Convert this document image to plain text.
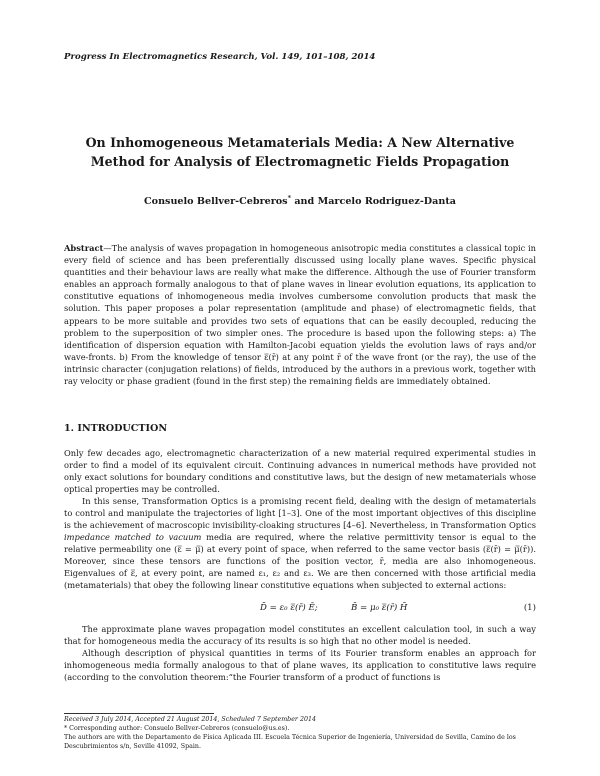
Progress In Electromagnetics Research, Vol. 149, 101–108, 2014
On Inhomogeneous Metamaterials Media: A New Alternative
Method for Analysis of Electromagnetic Fields Propagation
Consuelo Bellver-Cebreros* and Marcelo Rodriguez-Danta
Abstract—The analysis of waves propagation in homogeneous anisotropic media constitutes a classical topic in every field of science and has been preferentially discussed using locally plane waves. Specific physical quantities and their behaviour laws are really what make the difference. Although the use of Fourier transform enables an approach formally analogous to that of plane waves in linear evolution equations, its application to constitutive equations of inhomogeneous media involves cumbersome convolution products that mask the solution. This paper proposes a polar representation (amplitude and phase) of electromagnetic fields, that appears to be more suitable and provides two sets of equations that can be easily decoupled, reducing the problem to the superposition of two simpler ones. The procedure is based upon the following steps: a) The identification of dispersion equation with Hamilton-Jacobi equation yields the evolution laws of rays and/or wave-fronts. b) From the knowledge of tensor ε̿(r̄) at any point r̄ of the wave front (or the ray), the use of the intrinsic character (conjugation relations) of fields, introduced by the authors in a previous work, together with ray velocity or phase gradient (found in the first step) the remaining fields are immediately obtained.
1. INTRODUCTION

Only few decades ago, electromagnetic characterization of a new material required experimental studies in order to find a model of its equivalent circuit. Continuing advances in numerical methods have provided not only exact solutions for boundary conditions and constitutive laws, but the design of new metamaterials whose optical properties may be controlled.

In this sense, Transformation Optics is a promising recent field, dealing with the design of metamaterials to control and manipulate the trajectories of light [1–3]. One of the most important objectives of this discipline is the achievement of macroscopic invisibility-cloaking structures [4–6]. Nevertheless, in Transformation Optics impedance matched to vacuum media are required, where the relative permittivity tensor is equal to the relative permeability one (ε̿ = μ̿) at every point of space, when referred to the same vector basis (ε̿(r̄) = μ̿(r̄)). Moreover, since these tensors are functions of the position vector, r̄, media are also inhomogeneous. Eigenvalues of ε̿, at every point, are named ε₁, ε₂ and ε₃. We are then concerned with those artificial media (metamaterials) that obey the following linear constitutive equations when subjected to external actions:

D̄ = ε₀ ε̿(r̄) Ē;	B̄ = μ₀ ε̿(r̄) H̄	(1)

The approximate plane waves propagation model constitutes an excellent calculation tool, in such a way that for homogeneous media the accuracy of its results is so high that no other model is needed.

Although description of physical quantities in terms of its Fourier transform enables an approach for inhomogeneous media formally analogous to that of plane waves, its application to constitutive laws require (according to the convolution theorem:“the Fourier transform of a product of functions is

Received 3 July 2014, Accepted 21 August 2014, Scheduled 7 September 2014
* Corresponding author: Consuelo Bellver-Cebreros (consuelo@us.es).
The authors are with the Departamento de Física Aplicada III. Escuela Técnica Superior de Ingeniería, Universidad de Sevilla, Camino de los Descubrimientos s/n, Seville 41092, Spain.
